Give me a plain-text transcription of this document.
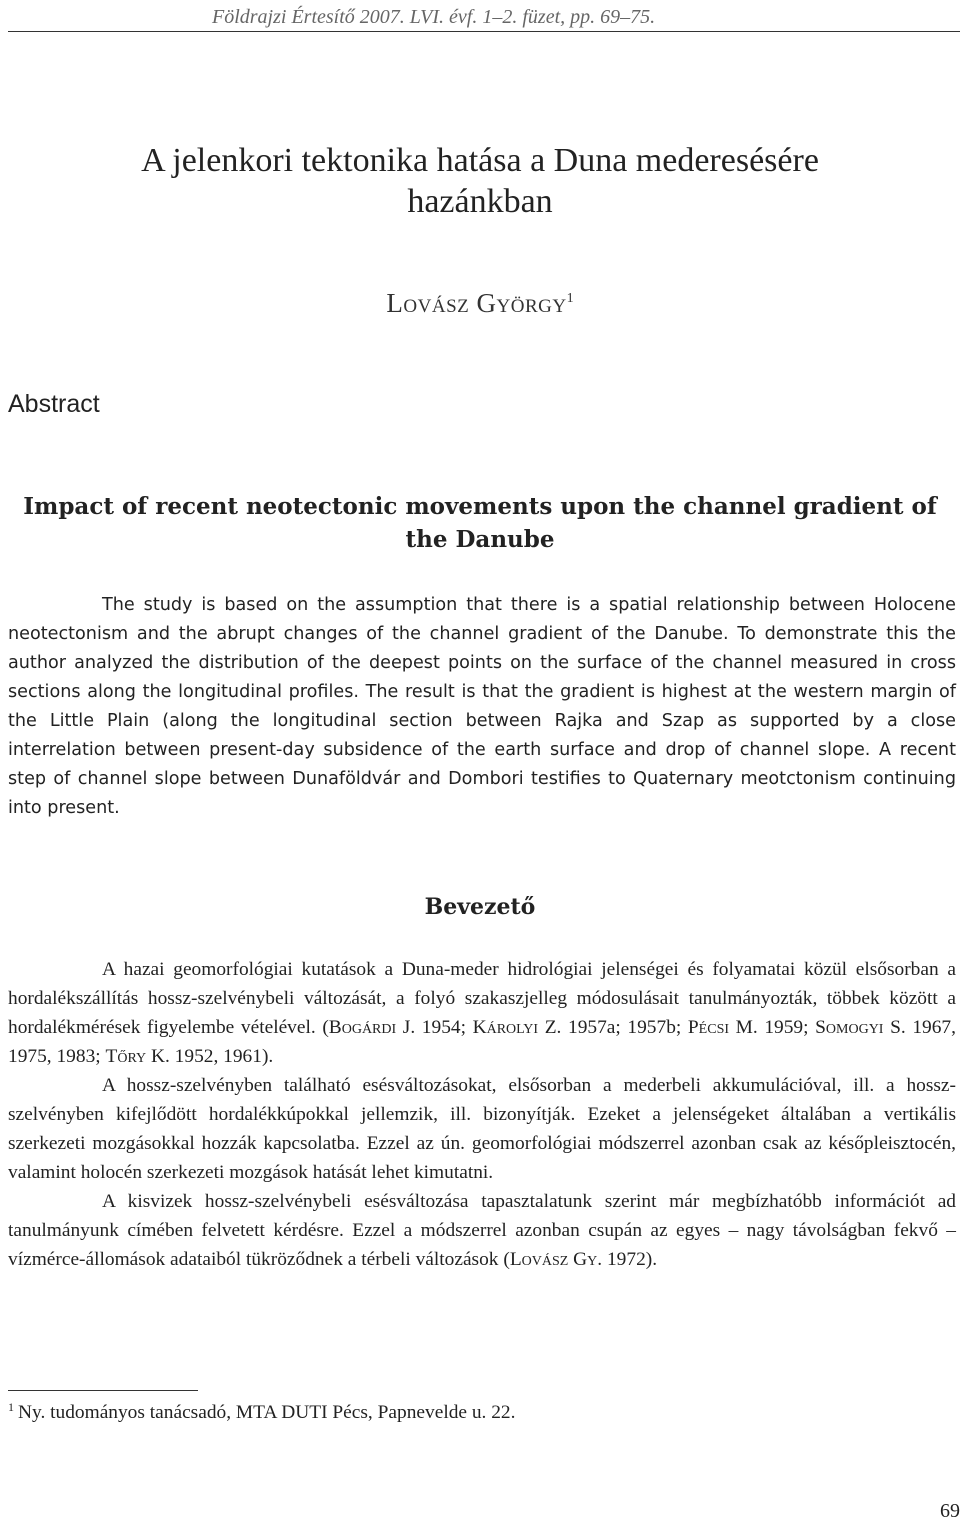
Földrajzi Értesítő 2007. LVI. évf. 1–2. füzet, pp. 69–75.
A jelenkori tektonika hatása a Duna mederesésére hazánkban
Lovász György$^1$
Abstract
Impact of recent neotectonic movements upon the channel gradient of the Danube

The study is based on the assumption that there is a spatial relationship between Holocene neotectonism and the abrupt changes of the channel gradient of the Danube. To demonstrate this the author analyzed the distribution of the deepest points on the surface of the channel measured in cross sections along the longitudinal profiles. The result is that the gradient is highest at the western margin of the Little Plain (along the longitudinal section between Rajka and Szap as supported by a close interrelation between present-day subsidence of the earth surface and drop of channel slope. A recent step of channel slope between Dunaföldvár and Dombori testifies to Quaternary meotctonism continuing into present.

Bevezető

A hazai geomorfológiai kutatások a Duna-meder hidrológiai jelenségei és folyamatai közül elsősorban a hordalékszállítás hossz-szelvénybeli változását, a folyó szakaszjelleg módosulásait tanulmányozták, többek között a hordalékmérések figyelembe vételével. (Bogárdi J. 1954; Károlyi Z. 1957a; 1957b; Pécsi M. 1959; Somogyi S. 1967, 1975, 1983; Tőry K. 1952, 1961).

A hossz-szelvényben található esésváltozásokat, elsősorban a mederbeli akkumulációval, ill. a hossz-szelvényben kifejlődött hordalékkúpokkal jellemzik, ill. bizonyítják. Ezeket a jelenségeket általában a vertikális szerkezeti mozgásokkal hozzák kapcsolatba. Ezzel az ún. geomorfológiai módszerrel azonban csak az későpleisztocén, valamint holocén szerkezeti mozgások hatását lehet kimutatni.

A kisvizek hossz-szelvénybeli esésváltozása tapasztalatunk szerint már megbízhatóbb információt ad tanulmányunk címében felvetett kérdésre. Ezzel a módszerrel azonban csupán az egyes – nagy távolságban fekvő – vízmérce-állomások adataiból tükröződnek a térbeli változások (Lovász Gy. 1972).

$^1$ Ny. tudományos tanácsadó, MTA DUTI Pécs, Papnevelde u. 22.

69
